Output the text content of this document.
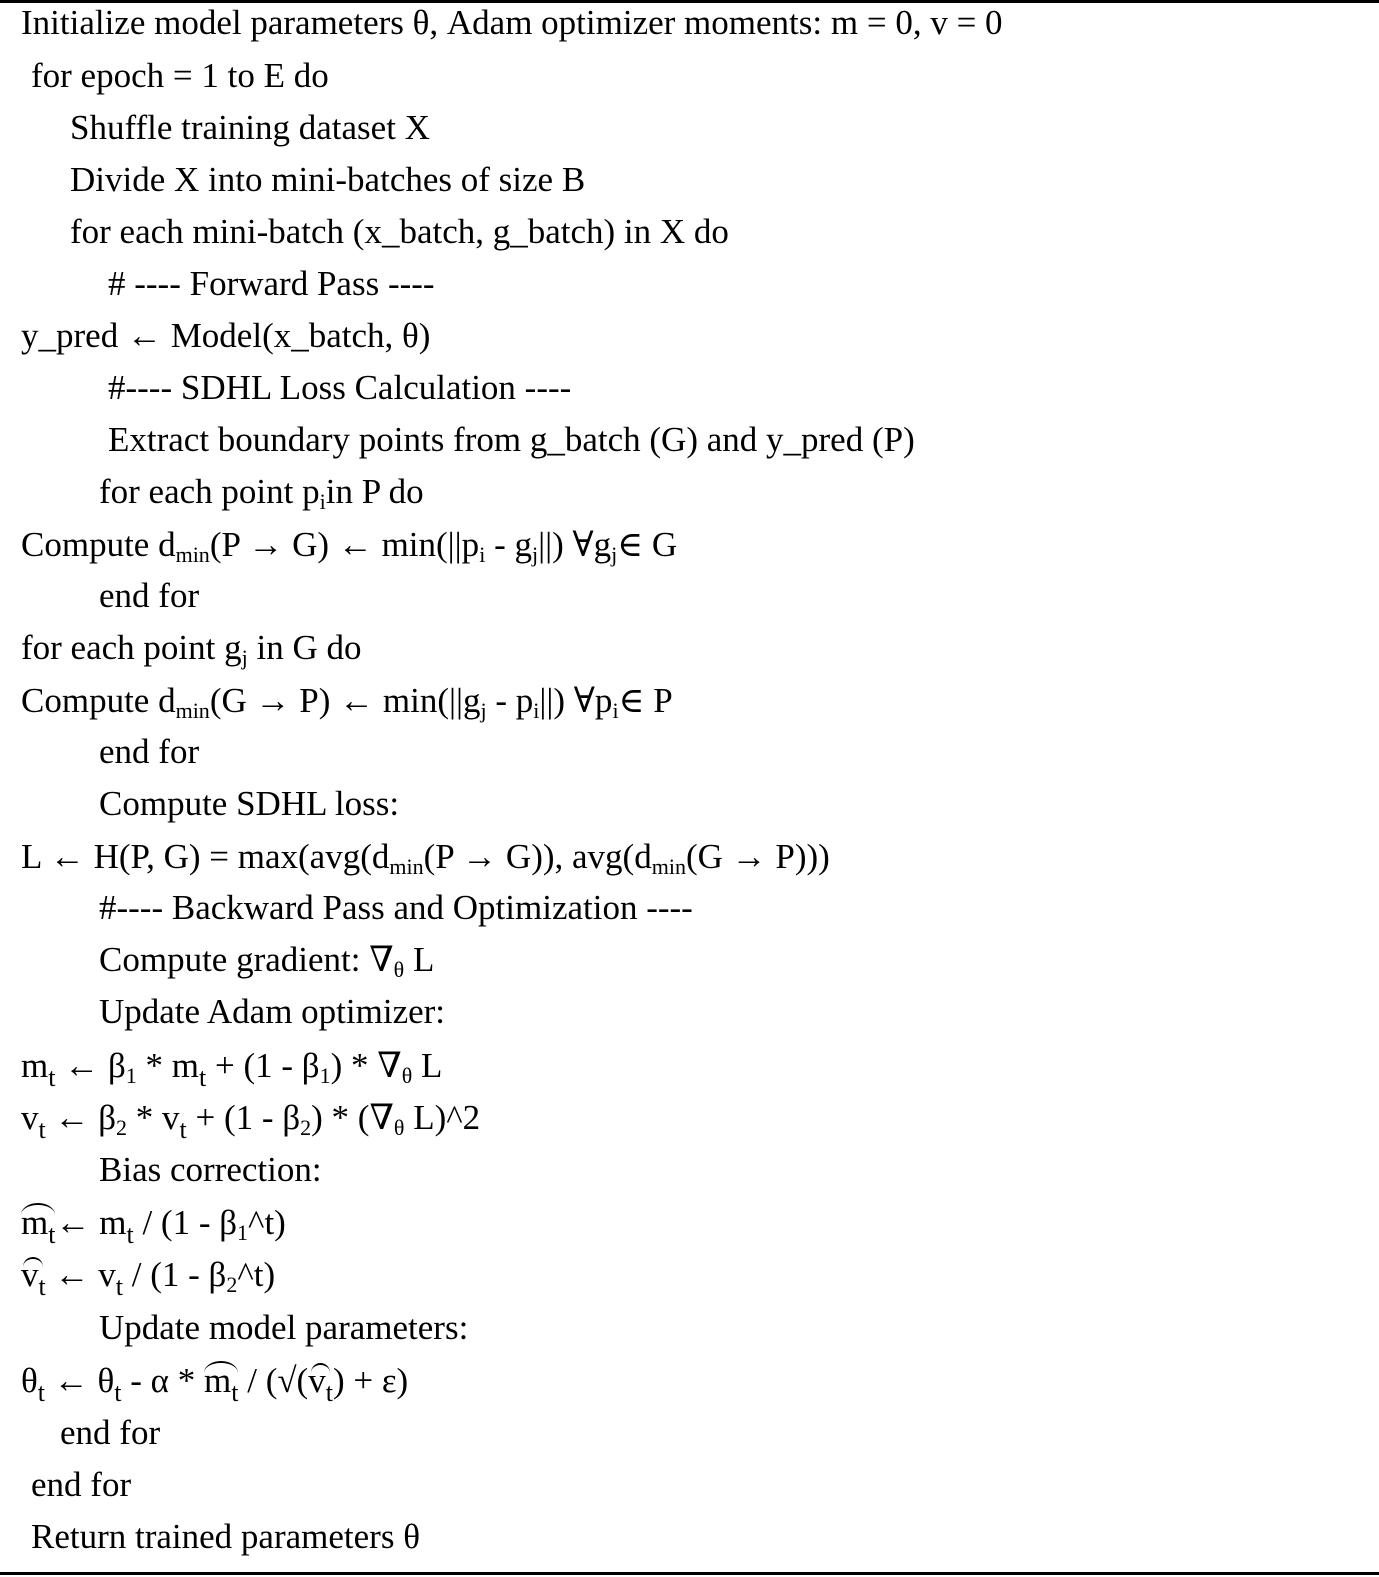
Initialize model parameters θ, Adam optimizer moments: m = 0, v = 0
for epoch = 1 to E do
Shuffle training dataset X
Divide X into mini-batches of size B
for each mini-batch (x_batch, g_batch) in X do
# ---- Forward Pass ----
y_pred ← Model(x_batch, θ)
#---- SDHL Loss Calculation ----
Extract boundary points from g_batch (G) and y_pred (P)
for each point $p_iin$ P do
Compute $d_{min}(P \to G)$ ← $\min(||p_i - g_j||)$ $\forall g_j\in$ G
end for
for each point $g_j$ in G do
Compute $d_{min}(G \to P)$ ← $\min(||g_j - p_i||)$ $\forall p_i\in$ P
end for
Compute SDHL loss:
L ← H(P, $G) = \max(avg(d_{min}(P \to G))$, $avg(d_{min}(G \to P))$)
#---- Backward Pass and Optimization ----
Compute gradient: $\nabla_\theta$ L
Update Adam optimizer:
$m_t$ ← $\beta_1 * m_t + (1 - \beta_1) * \nabla_\theta$ L
$v_t$ ← $\beta_2 * v_t + (1 - \beta_2) * (\nabla_\theta$ L)^2
Bias correction:
$m_t\leftarrow$ $m_t / (1$ - $\beta_1\^{}t$)
$v_t$ ← $v_t / (1$ - $\beta_2\^{}t$)
Update model parameters:
$\theta_t$ ← $\theta_t - \alpha * m_t / (√(v_t) + \varepsilon)$
end for
end for
Return trained parameters θ
